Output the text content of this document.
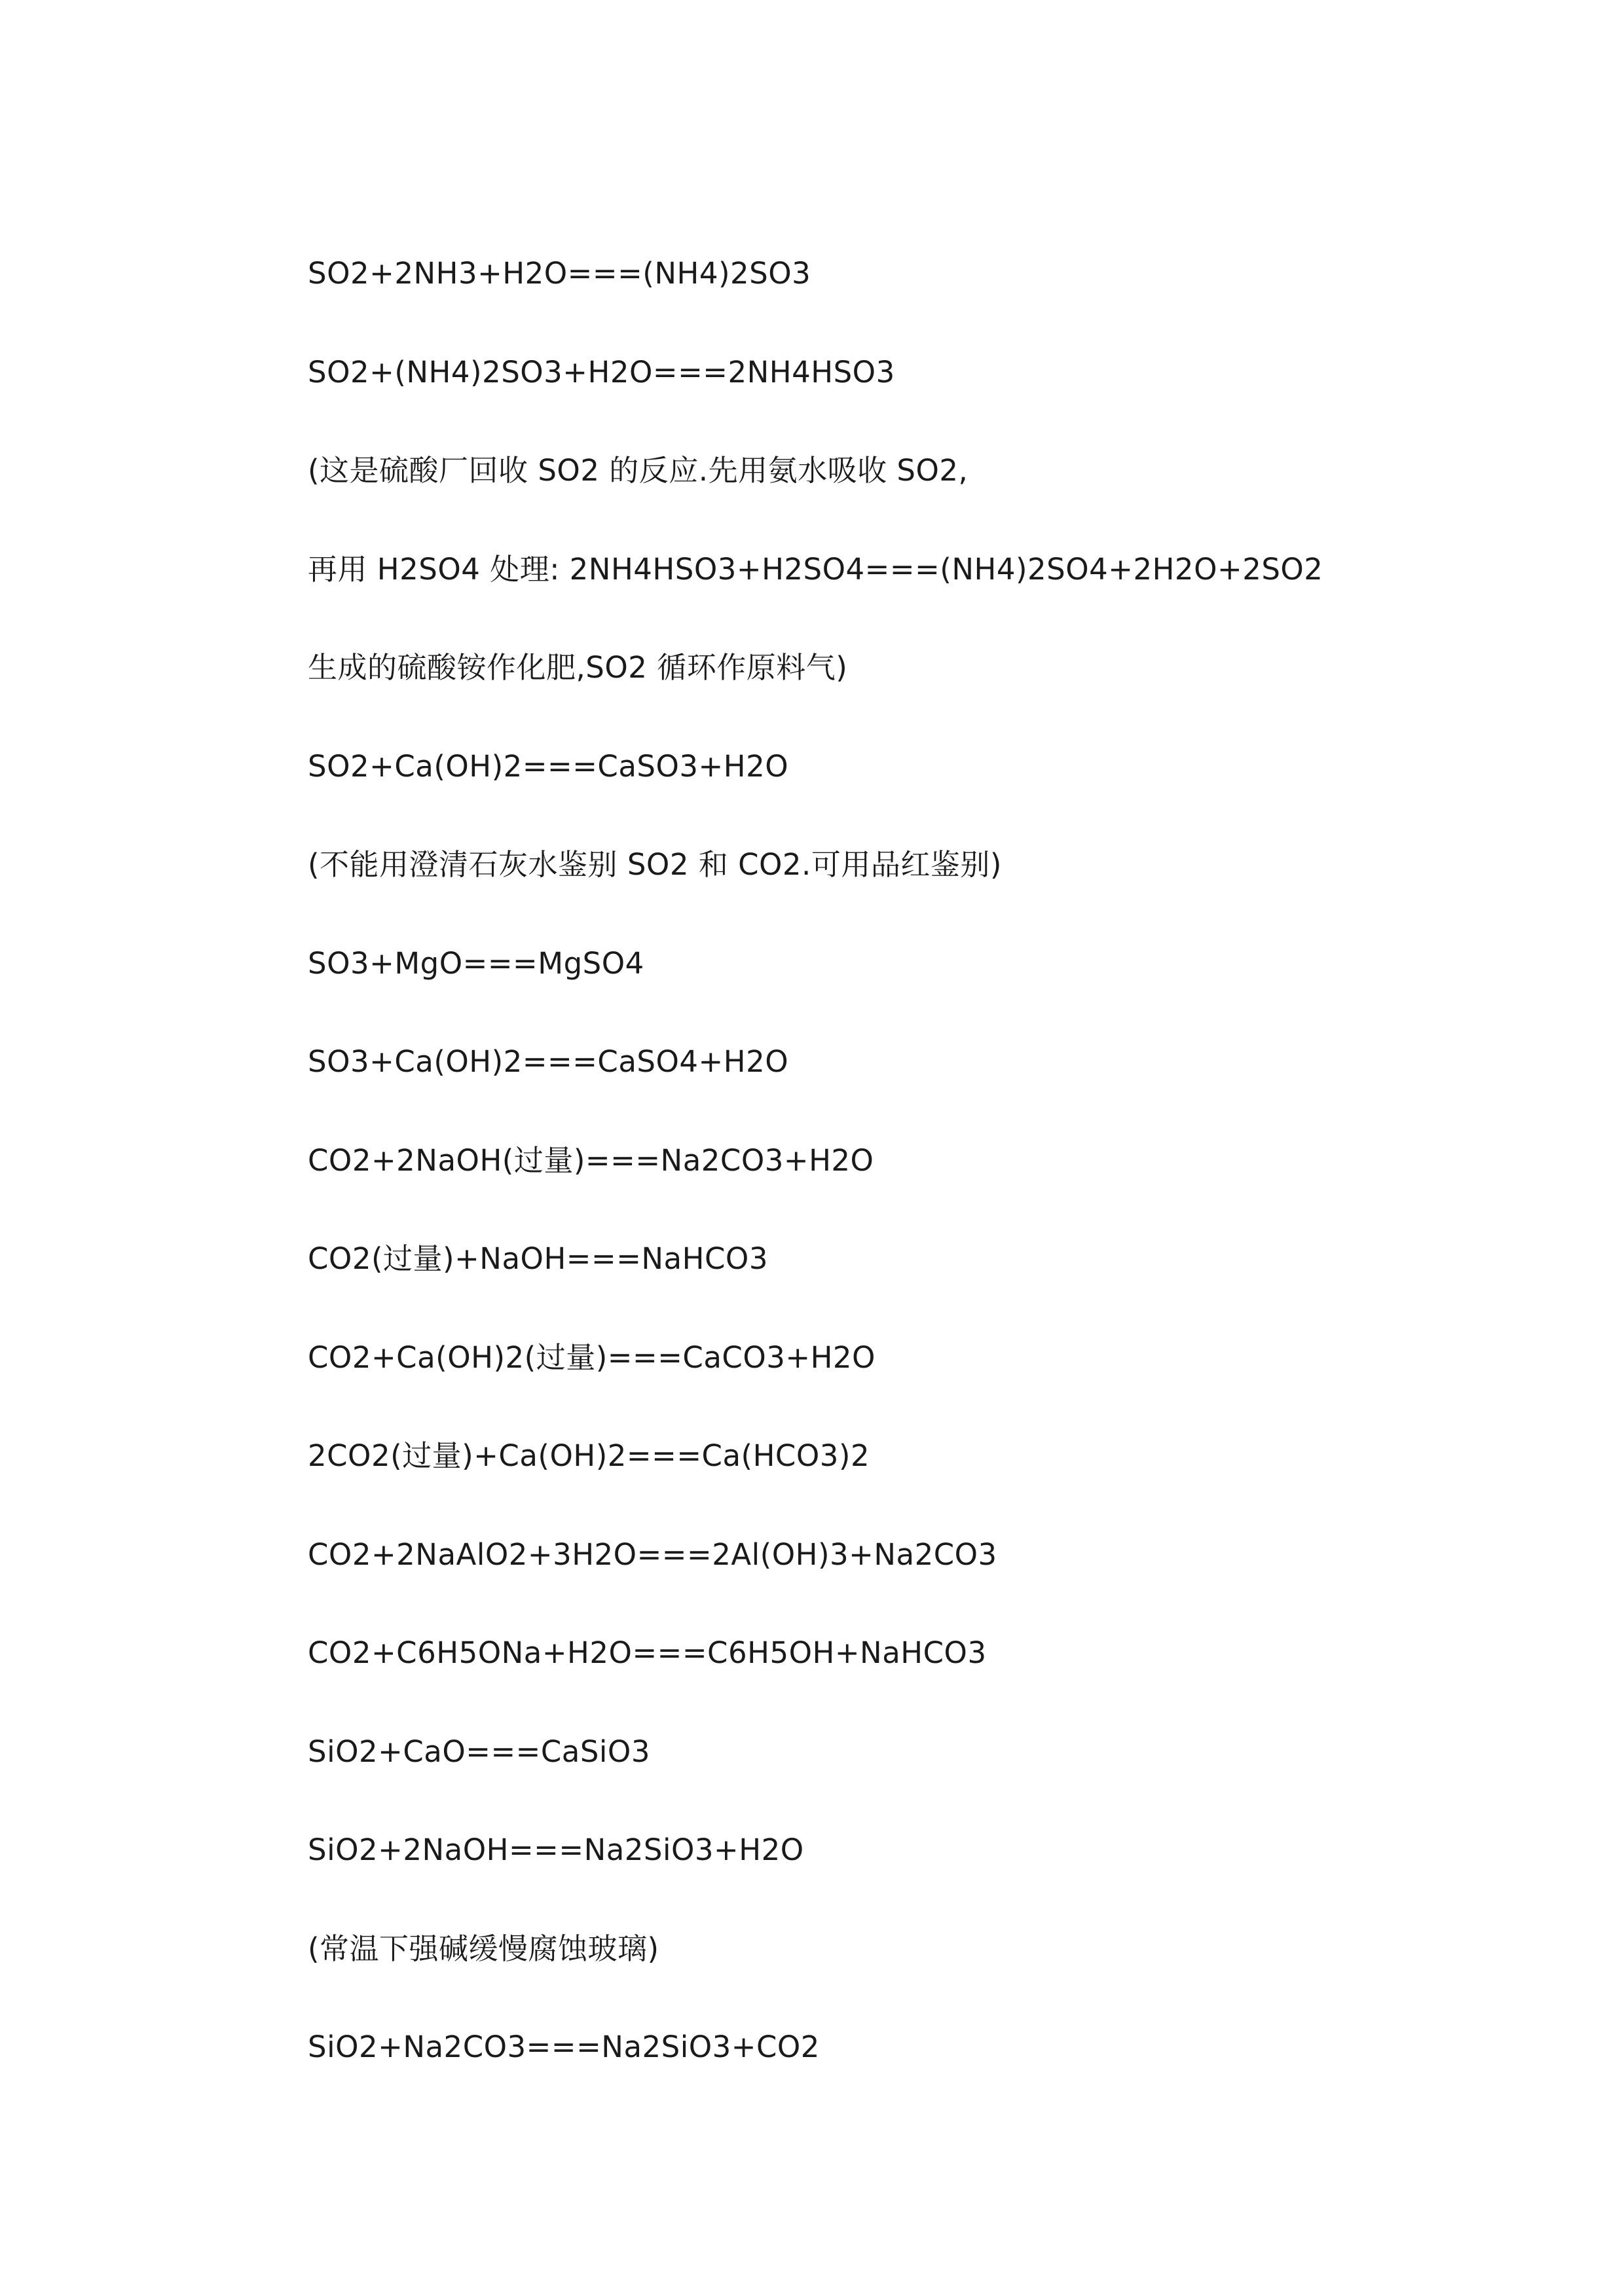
SO2+2NH3+H2O===(NH4)2SO3
SO2+(NH4)2SO3+H2O===2NH4HSO3
(这是硫酸厂回收 SO2 的反应.先用氨水吸收 SO2,
再用 H2SO4 处理: 2NH4HSO3+H2SO4===(NH4)2SO4+2H2O+2SO2
生成的硫酸铵作化肥,SO2 循环作原料气)
SO2+Ca(OH)2===CaSO3+H2O
(不能用澄清石灰水鉴别 SO2 和 CO2.可用品红鉴别)
SO3+MgO===MgSO4
SO3+Ca(OH)2===CaSO4+H2O
CO2+2NaOH(过量)===Na2CO3+H2O
CO2(过量)+NaOH===NaHCO3
CO2+Ca(OH)2(过量)===CaCO3+H2O
2CO2(过量)+Ca(OH)2===Ca(HCO3)2
CO2+2NaAlO2+3H2O===2Al(OH)3+Na2CO3
CO2+C6H5ONa+H2O===C6H5OH+NaHCO3
SiO2+CaO===CaSiO3
SiO2+2NaOH===Na2SiO3+H2O
(常温下强碱缓慢腐蚀玻璃)
SiO2+Na2CO3===Na2SiO3+CO2
